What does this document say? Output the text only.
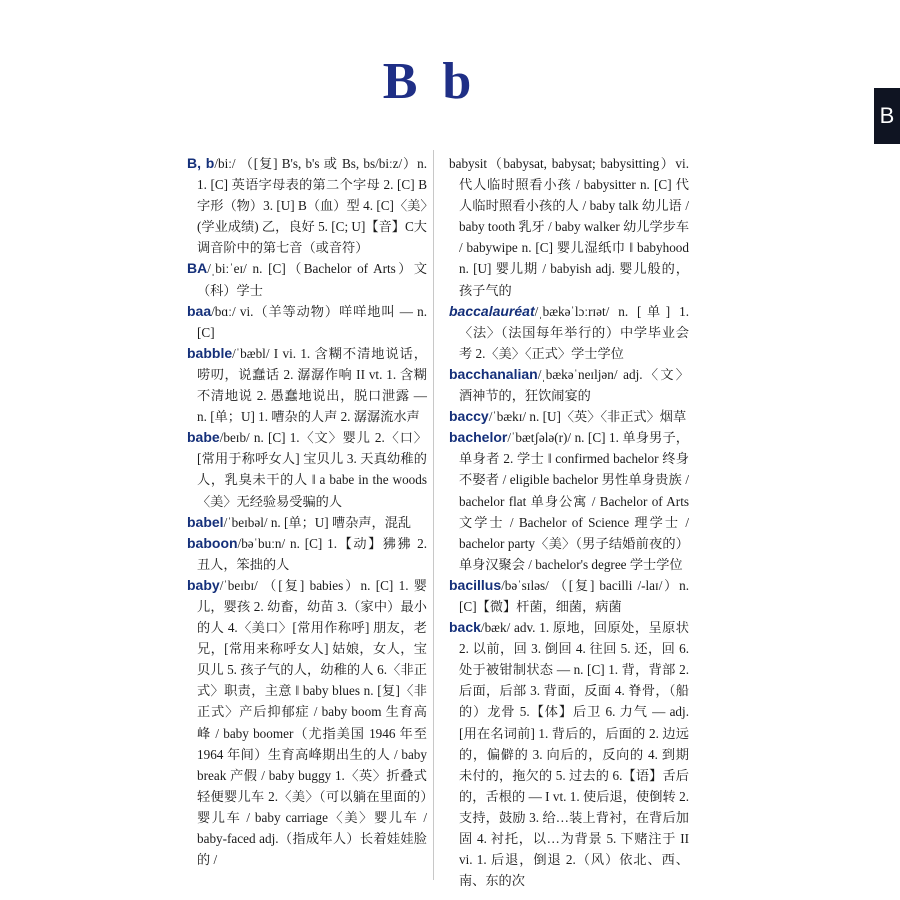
B b
B

B, b/biː/ （[复] B's, b's 或 Bs, bs/biːz/）n. 1. [C] 英语字母表的第二个字母 2. [C] B字形（物）3. [U] B（血）型 4. [C]〈美〉(学业成绩) 乙，良好 5. [C; U]【音】C大调音阶中的第七音（或音符）

BA/ˌbiːˈeɪ/ n. [C]（Bachelor of Arts）文（科）学士

baa/bɑː/ vi.（羊等动物）咩咩地叫 — n. [C]

babble/ˈbæbl/ I vi. 1. 含糊不清地说话，唠叨，说蠢话 2. 潺潺作响 II vt. 1. 含糊不清地说 2. 愚蠢地说出，脱口泄露 — n. [单；U] 1. 嘈杂的人声 2. 潺潺流水声

babe/beɪb/ n. [C] 1.〈文〉婴儿 2.〈口〉[常用于称呼女人] 宝贝儿 3. 天真幼稚的人，乳臭未干的人 ‖ a babe in the woods〈美〉无经验易受骗的人

babel/ˈbeɪbəl/ n. [单；U] 嘈杂声，混乱

baboon/bəˈbuːn/ n. [C] 1.【动】狒狒 2. 丑人，笨拙的人

baby/ˈbeɪbɪ/ （[复] babies）n. [C] 1. 婴儿，婴孩 2. 幼畜，幼苗 3.（家中）最小的人 4.〈美口〉[常用作称呼] 朋友，老兄，[常用来称呼女人] 姑娘，女人，宝贝儿 5. 孩子气的人，幼稚的人 6.〈非正式〉职责，主意 ‖ baby blues n. [复]〈非正式〉产后抑郁症 / baby boom 生育高峰 / baby boomer（尤指美国 1946 年至 1964 年间）生育高峰期出生的人 / baby break 产假 / baby buggy 1.〈英〉折叠式轻便婴儿车 2.〈美〉（可以躺在里面的）婴儿车 / baby carriage〈美〉婴儿车 / baby-faced adj.（指成年人）长着娃娃脸的 /

babysit（babysat, babysat; babysitting）vi. 代人临时照看小孩 / babysitter n. [C] 代人临时照看小孩的人 / baby talk 幼儿语 / baby tooth 乳牙 / baby walker 幼儿学步车 / babywipe n. [C] 婴儿湿纸巾 ‖ babyhood n. [U] 婴儿期 / babyish adj. 婴儿般的，孩子气的

baccalauréat/ˌbækəˈlɔːrɪət/ n. [单] 1.〈法〉（法国每年举行的）中学毕业会考 2.〈美〉〈正式〉学士学位

bacchanalian/ˌbækəˈneɪljən/ adj.〈文〉酒神节的，狂饮闹宴的

baccy/ˈbækɪ/ n. [U]〈英〉〈非正式〉烟草

bachelor/ˈbætʃələ(r)/ n. [C] 1. 单身男子，单身者 2. 学士 ‖ confirmed bachelor 终身不娶者 / eligible bachelor 男性单身贵族 / bachelor flat 单身公寓 / Bachelor of Arts 文学士 / Bachelor of Science 理学士 / bachelor party〈美〉（男子结婚前夜的）单身汉聚会 / bachelor's degree 学士学位

bacillus/bəˈsɪləs/ （[复] bacilli /-laɪ/）n. [C]【微】杆菌，细菌，病菌

back/bæk/ adv. 1. 原地，回原处，呈原状 2. 以前，回 3. 倒回 4. 往回 5. 还，回 6. 处于被钳制状态 — n. [C] 1. 背，背部 2. 后面，后部 3. 背面，反面 4. 脊骨，（船的）龙骨 5.【体】后卫 6. 力气 — adj. [用在名词前] 1. 背后的，后面的 2. 边远的，偏僻的 3. 向后的，反向的 4. 到期未付的，拖欠的 5. 过去的 6.【语】舌后的，舌根的 — I vt. 1. 使后退，使倒转 2. 支持，鼓励 3. 给…装上背衬，在背后加固 4. 衬托，以…为背景 5. 下赌注于 II vi. 1. 后退，倒退 2.（风）依北、西、南、东的次
